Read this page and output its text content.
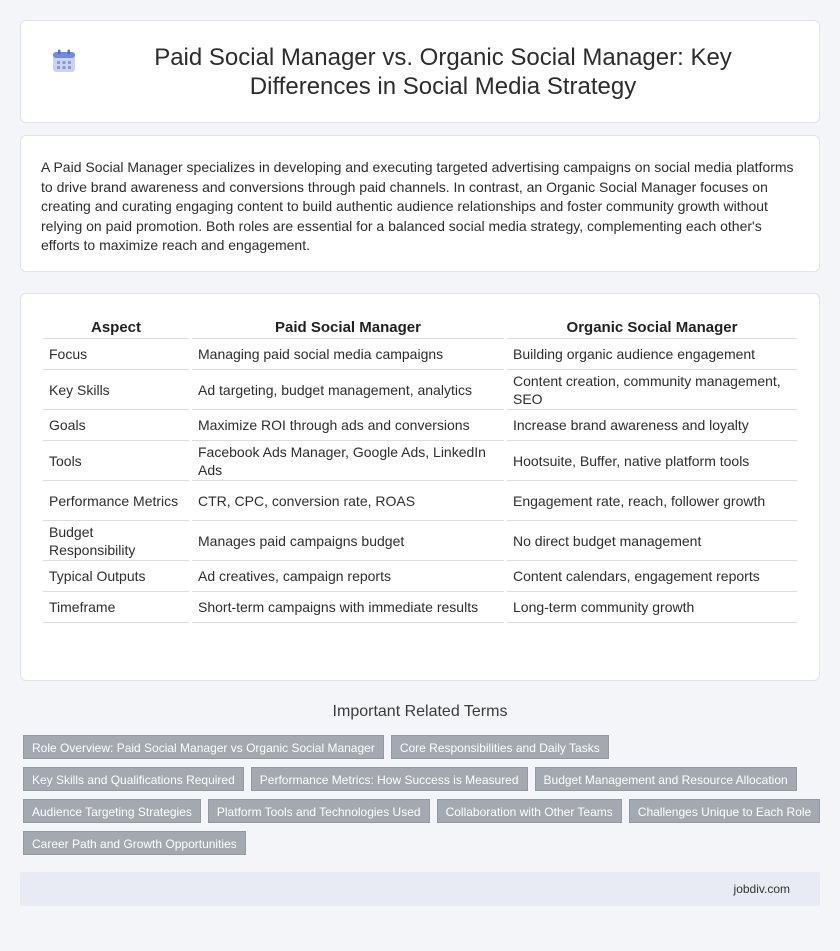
Paid Social Manager vs. Organic Social Manager: Key Differences in Social Media Strategy

A Paid Social Manager specializes in developing and executing targeted advertising campaigns on social media platforms to drive brand awareness and conversions through paid channels. In contrast, an Organic Social Manager focuses on creating and curating engaging content to build authentic audience relationships and foster community growth without relying on paid promotion. Both roles are essential for a balanced social media strategy, complementing each other's efforts to maximize reach and engagement.

Aspect	Paid Social Manager	Organic Social Manager
Focus	Managing paid social media campaigns	Building organic audience engagement
Key Skills	Ad targeting, budget management, analytics	Content creation, community management, SEO
Goals	Maximize ROI through ads and conversions	Increase brand awareness and loyalty
Tools	Facebook Ads Manager, Google Ads, LinkedIn Ads	Hootsuite, Buffer, native platform tools
Performance Metrics	CTR, CPC, conversion rate, ROAS	Engagement rate, reach, follower growth
Budget Responsibility	Manages paid campaigns budget	No direct budget management
Typical Outputs	Ad creatives, campaign reports	Content calendars, engagement reports
Timeframe	Short-term campaigns with immediate results	Long-term community growth
Important Related Terms
Role Overview: Paid Social Manager vs Organic Social Manager	Core Responsibilities and Daily Tasks
Key Skills and Qualifications Required	Performance Metrics: How Success is Measured	Budget Management and Resource Allocation
Audience Targeting Strategies	Platform Tools and Technologies Used	Collaboration with Other Teams	Challenges Unique to Each Role
Career Path and Growth Opportunities
jobdiv.com
